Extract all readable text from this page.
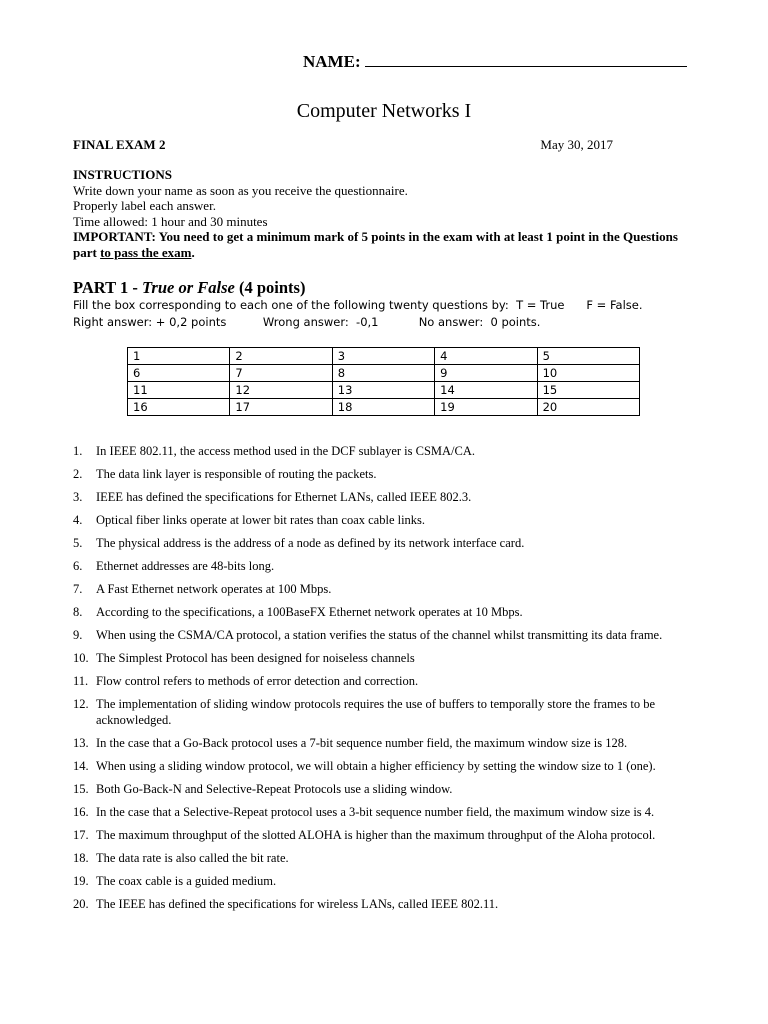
NAME:
Computer Networks I
FINAL EXAM 2	May 30, 2017
INSTRUCTIONS
Write down your name as soon as you receive the questionnaire.
Properly label each answer.
Time allowed: 1 hour and 30 minutes
IMPORTANT: You need to get a minimum mark of 5 points in the exam with at least 1 point in the Questions part to pass the exam.
PART 1 - True or False (4 points)
Fill the box corresponding to each one of the following twenty questions by:  T = True      F = False.
Right answer: + 0,2 points          Wrong answer:  -0,1           No answer:  0 points.
1	2	3	4	5
6	7	8	9	10
11	12	13	14	15
16	17	18	19	20
1. In IEEE 802.11, the access method used in the DCF sublayer is CSMA/CA.
2. The data link layer is responsible of routing the packets.
3. IEEE has defined the specifications for Ethernet LANs, called IEEE 802.3.
4. Optical fiber links operate at lower bit rates than coax cable links.
5. The physical address is the address of a node as defined by its network interface card.
6. Ethernet addresses are 48-bits long.
7. A Fast Ethernet network operates at 100 Mbps.
8. According to the specifications, a 100BaseFX Ethernet network operates at 10 Mbps.
9. When using the CSMA/CA protocol, a station verifies the status of the channel whilst transmitting its data frame.
10. The Simplest Protocol has been designed for noiseless channels
11. Flow control refers to methods of error detection and correction.
12. The implementation of sliding window protocols requires the use of buffers to temporally store the frames to be acknowledged.
13. In the case that a Go-Back protocol uses a 7-bit sequence number field, the maximum window size is 128.
14. When using a sliding window protocol, we will obtain a higher efficiency by setting the window size to 1 (one).
15. Both Go-Back-N and Selective-Repeat Protocols use a sliding window.
16. In the case that a Selective-Repeat protocol uses a 3-bit sequence number field, the maximum window size is 4.
17. The maximum throughput of the slotted ALOHA is higher than the maximum throughput of the Aloha protocol.
18. The data rate is also called the bit rate.
19. The coax cable is a guided medium.
20. The IEEE has defined the specifications for wireless LANs, called IEEE 802.11.
